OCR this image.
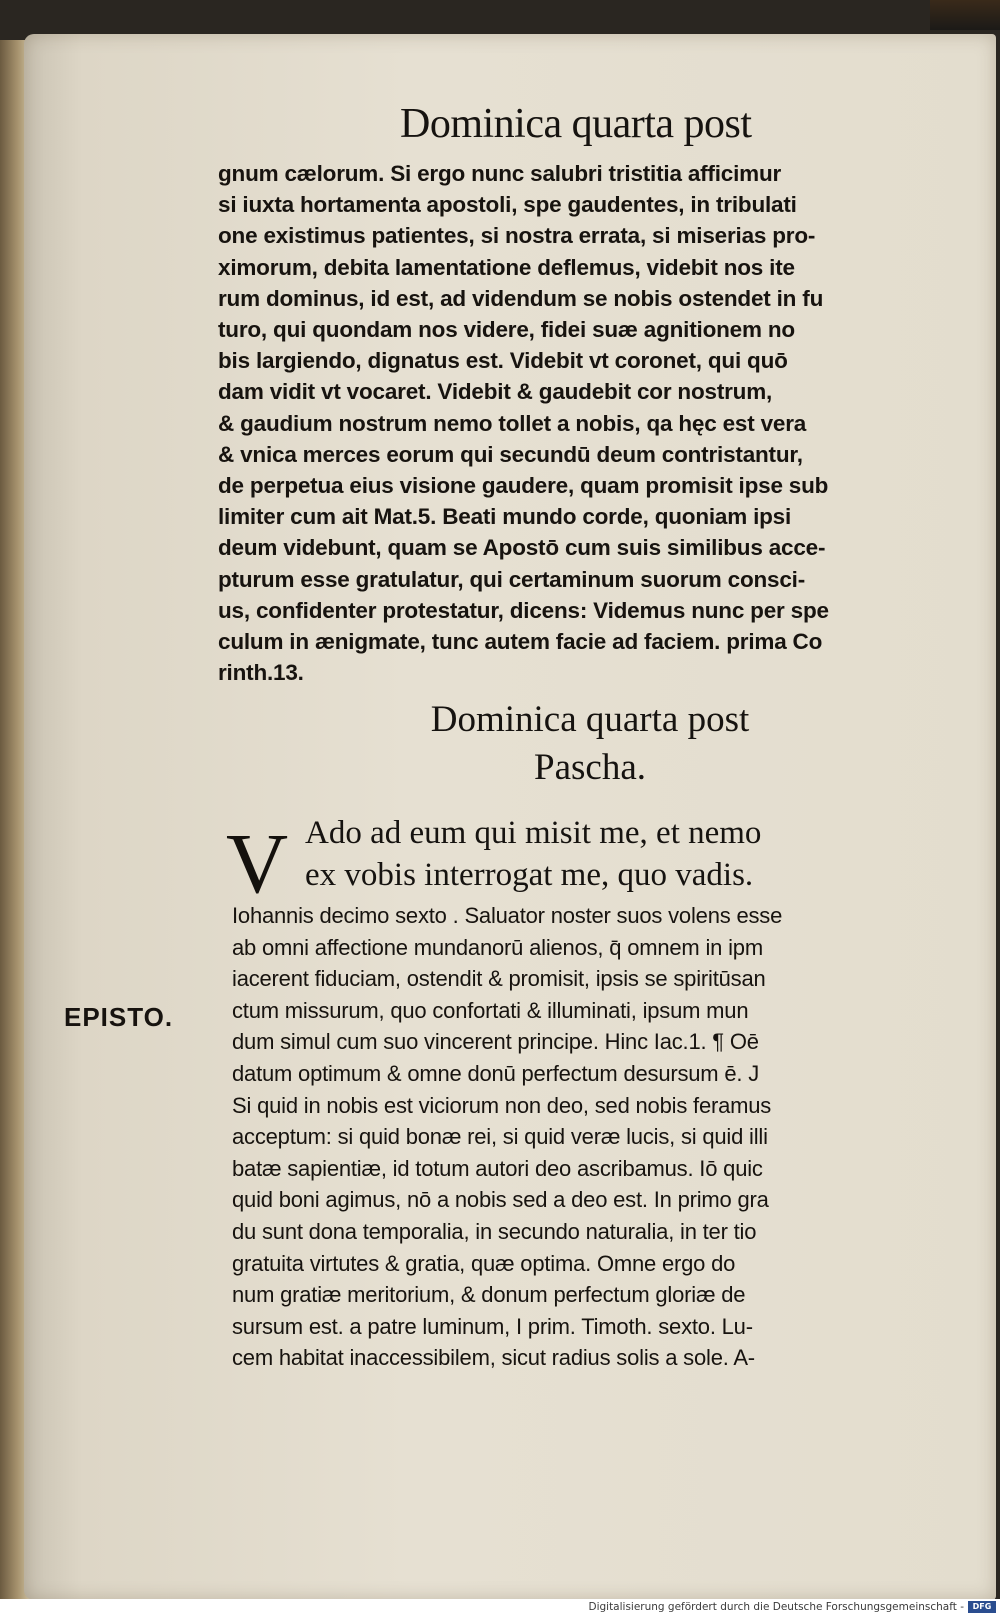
Dominica quarta post
gnum cælorum. Si ergo nunc salubri tristitia afficimur
si iuxta hortamenta apostoli, spe gaudentes, in tribulati
one existimus patientes, si nostra errata, si miserias pro-
ximorum, debita lamentatione deflemus, videbit nos ite
rum dominus, id est, ad videndum se nobis ostendet in fu
turo, qui quondam nos videre, fidei suæ agnitionem no
bis largiendo, dignatus est. Videbit vt coronet, qui quō
dam vidit vt vocaret. Videbit & gaudebit cor nostrum,
& gaudium nostrum nemo tollet a nobis, qa hęc est vera
& vnica merces eorum qui secundū deum contristantur,
de perpetua eius visione gaudere, quam promisit ipse sub
limiter cum ait Mat.5. Beati mundo corde, quoniam ipsi
deum videbunt, quam se Apostō cum suis similibus acce-
pturum esse gratulatur, qui certaminum suorum consci-
us, confidenter protestatur, dicens: Videmus nunc per spe
culum in ænigmate, tunc autem facie ad faciem. prima Co
rinth.13.
Dominica quarta post
Pascha.
V Ado ad eum qui misit me, et nemo
ex vobis interrogat me, quo vadis.
EPISTO.
Iohannis decimo sexto . Saluator noster suos volens esse
ab omni affectione mundanorū alienos, q̄ omnem in ipm
iacerent fiduciam, ostendit & promisit, ipsis se spiritūsan
ctum missurum, quo confortati & illuminati, ipsum mun
dum simul cum suo vincerent principe. Hinc Iac.1. ¶ Oē
datum optimum & omne donū perfectum desursum ē. J
Si quid in nobis est viciorum non deo, sed nobis feramus
acceptum: si quid bonæ rei, si quid veræ lucis, si quid illi
batæ sapientiæ, id totum autori deo ascribamus. Iō quic
quid boni agimus, nō a nobis sed a deo est. In primo gra
du sunt dona temporalia, in secundo naturalia, in ter tio
gratuita virtutes & gratia, quæ optima. Omne ergo do
num gratiæ meritorium, & donum perfectum gloriæ de
sursum est. a patre luminum, I prim. Timoth. sexto. Lu-
cem habitat inaccessibilem, sicut radius solis a sole. A-
Digitalisierung gefördert durch die Deutsche Forschungsgemeinschaft -	DFG
